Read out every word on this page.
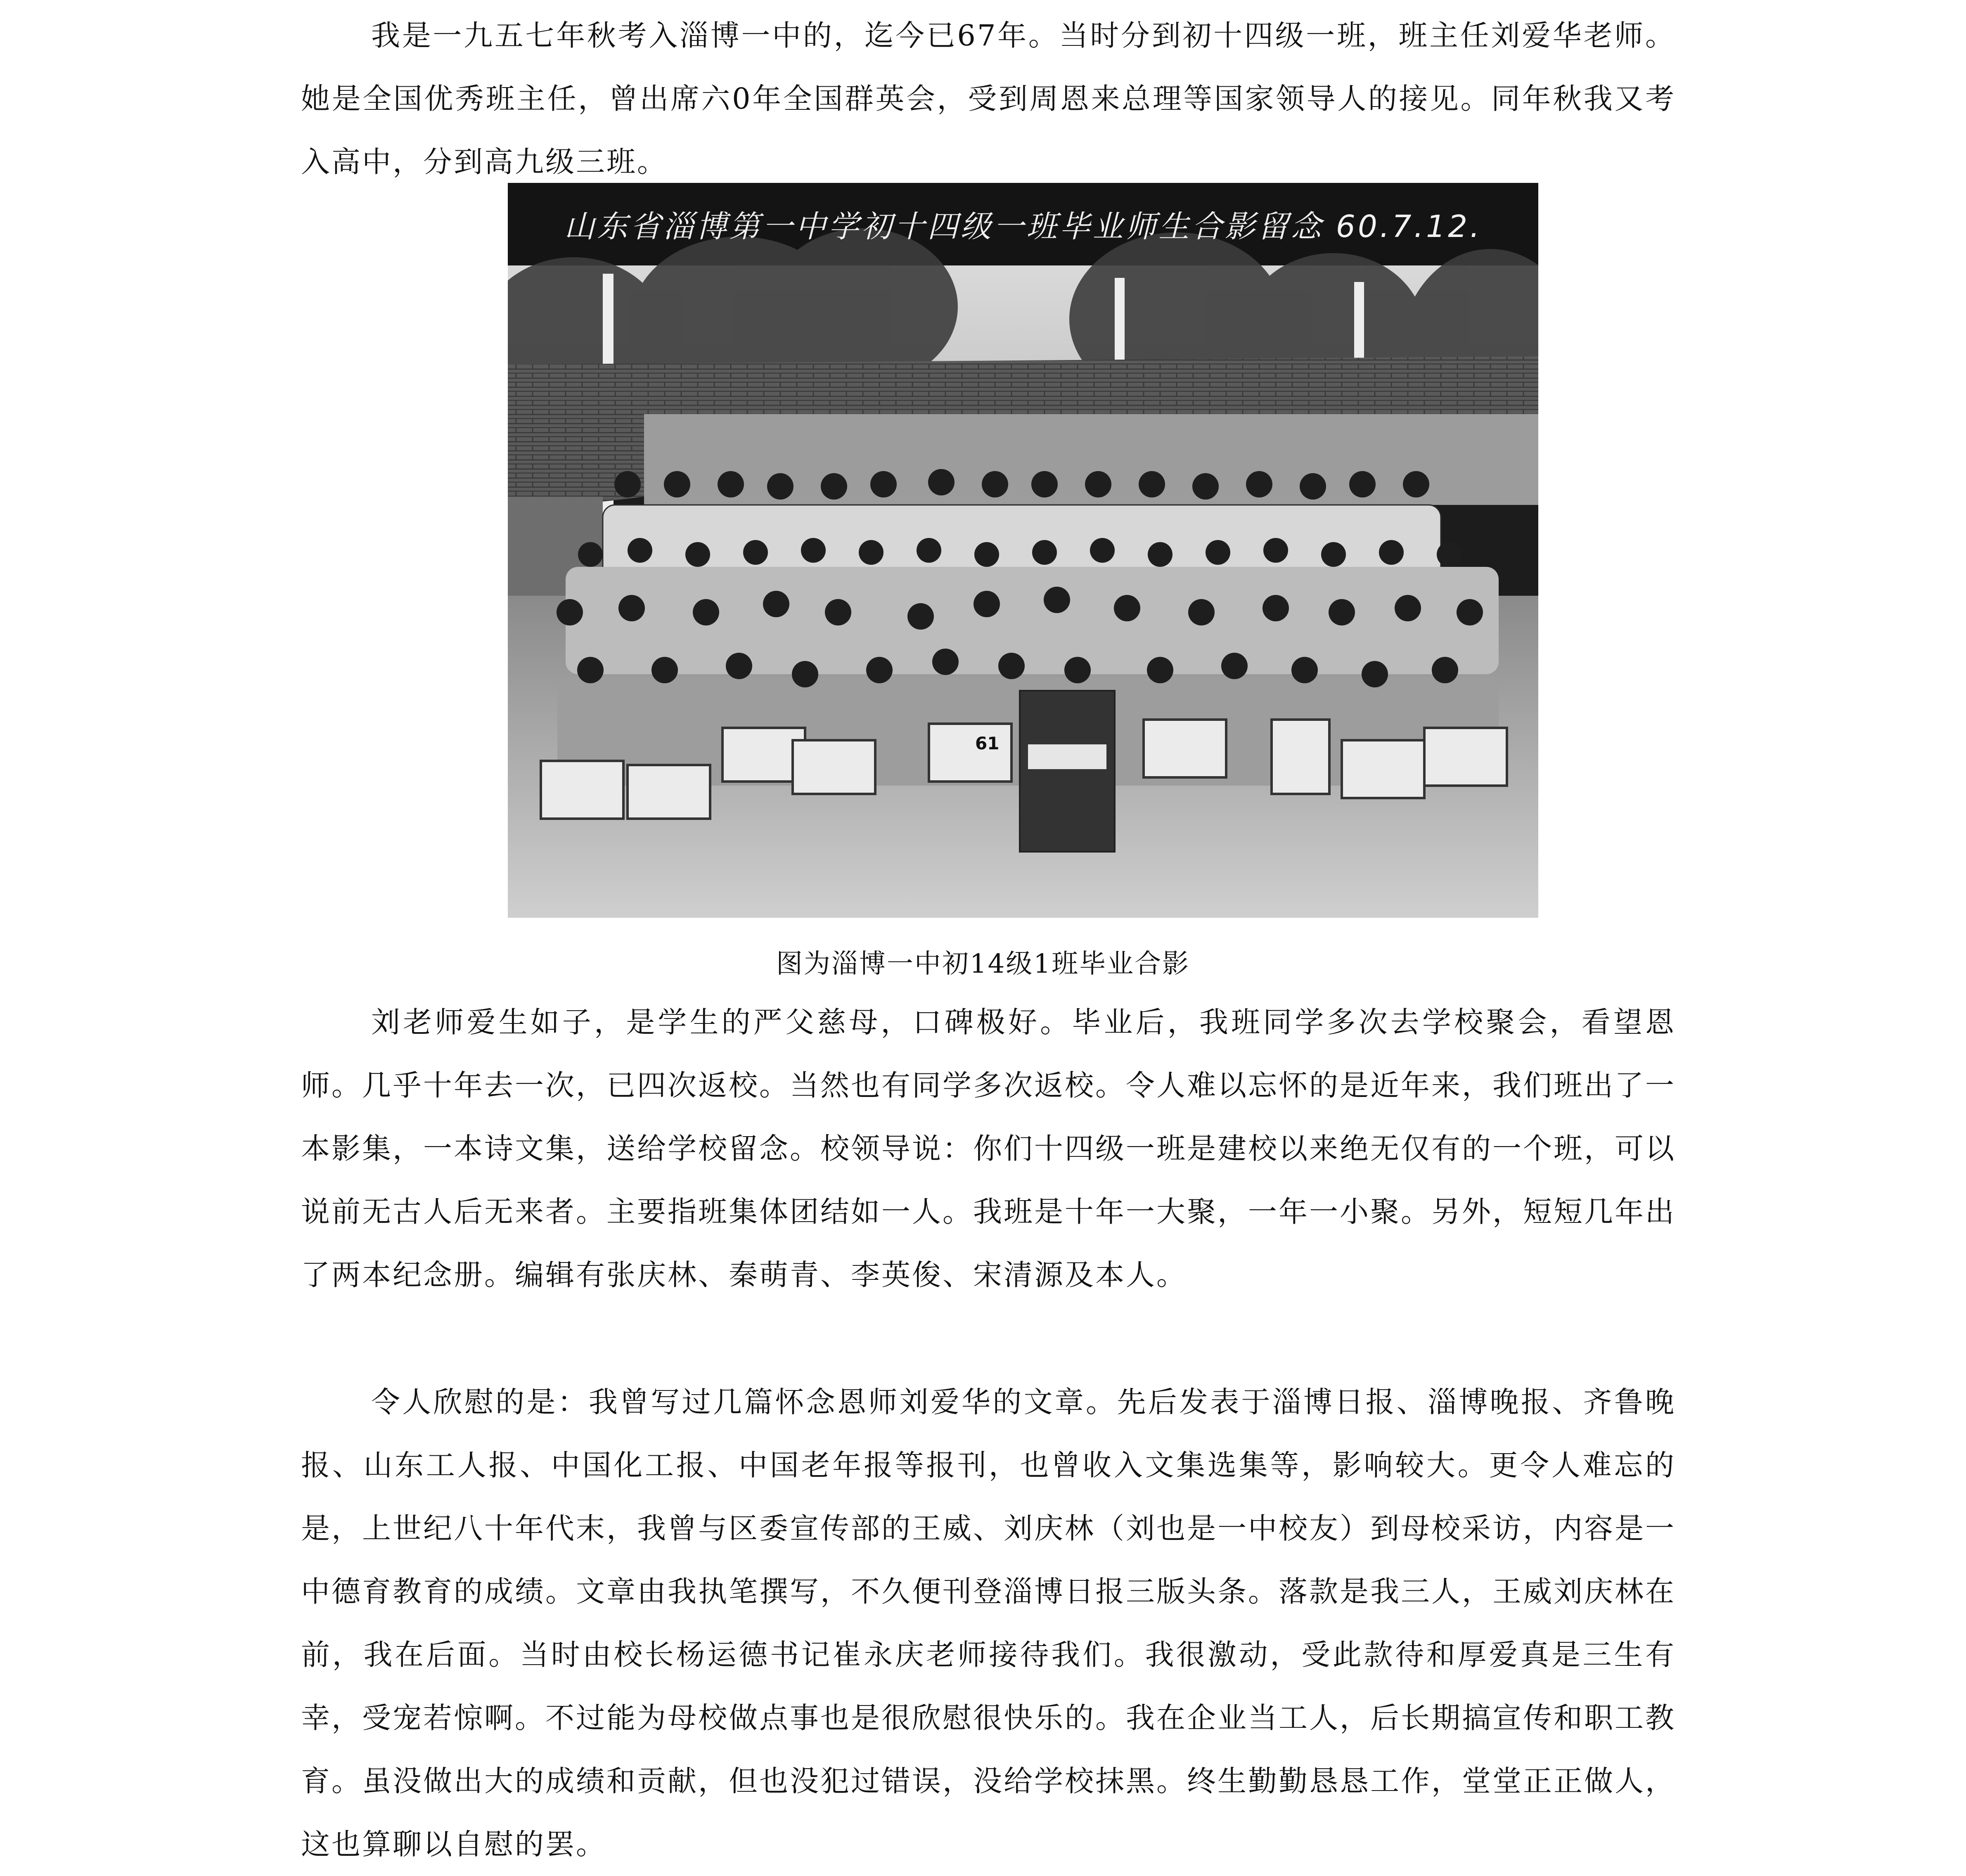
我是一九五七年秋考入淄博一中的，迄今已67年。当时分到初十四级一班，班主任刘爱华老师。她是全国优秀班主任，曾出席六0年全国群英会，受到周恩来总理等国家领导人的接见。同年秋我又考入高中，分到高九级三班。

61
山东省淄博第一中学初十四级一班毕业师生合影留念 60.7.12.

图为淄博一中初14级1班毕业合影

刘老师爱生如子，是学生的严父慈母，口碑极好。毕业后，我班同学多次去学校聚会，看望恩师。几乎十年去一次，已四次返校。当然也有同学多次返校。令人难以忘怀的是近年来，我们班出了一本影集，一本诗文集，送给学校留念。校领导说：你们十四级一班是建校以来绝无仅有的一个班，可以说前无古人后无来者。主要指班集体团结如一人。我班是十年一大聚，一年一小聚。另外，短短几年出了两本纪念册。编辑有张庆林、秦萌青、李英俊、宋清源及本人。

令人欣慰的是：我曾写过几篇怀念恩师刘爱华的文章。先后发表于淄博日报、淄博晚报、齐鲁晚报、山东工人报、中国化工报、中国老年报等报刊，也曾收入文集选集等，影响较大。更令人难忘的是，上世纪八十年代末，我曾与区委宣传部的王威、刘庆林（刘也是一中校友）到母校采访，内容是一中德育教育的成绩。文章由我执笔撰写，不久便刊登淄博日报三版头条。落款是我三人，王威刘庆林在前，我在后面。当时由校长杨运德书记崔永庆老师接待我们。我很激动，受此款待和厚爱真是三生有幸，受宠若惊啊。不过能为母校做点事也是很欣慰很快乐的。我在企业当工人，后长期搞宣传和职工教育。虽没做出大的成绩和贡献，但也没犯过错误，没给学校抹黑。终生勤勤恳恳工作，堂堂正正做人，这也算聊以自慰的罢。
